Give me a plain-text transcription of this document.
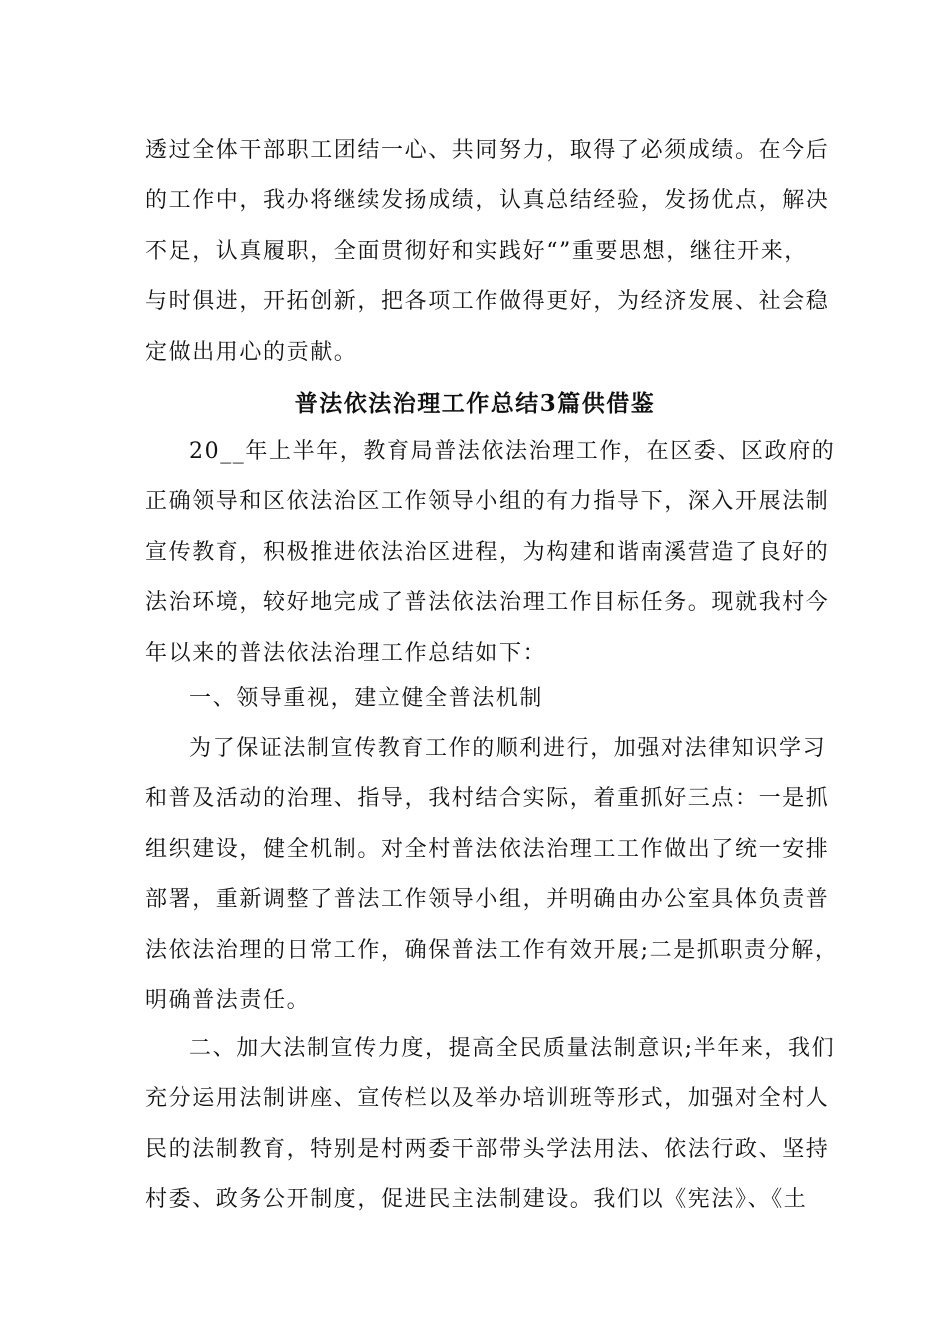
透过全体干部职工团结一心、共同努力，取得了必须成绩。在今后
的工作中，我办将继续发扬成绩，认真总结经验，发扬优点，解决
不足，认真履职，全面贯彻好和实践好“”重要思想，继往开来，
与时俱进，开拓创新，把各项工作做得更好，为经济发展、社会稳
定做出用心的贡献。
普法依法治理工作总结3篇供借鉴
20__年上半年，教育局普法依法治理工作，在区委、区政府的
正确领导和区依法治区工作领导小组的有力指导下，深入开展法制
宣传教育，积极推进依法治区进程，为构建和谐南溪营造了良好的
法治环境，较好地完成了普法依法治理工作目标任务。现就我村今
年以来的普法依法治理工作总结如下：
一、领导重视，建立健全普法机制
为了保证法制宣传教育工作的顺利进行，加强对法律知识学习
和普及活动的治理、指导，我村结合实际，着重抓好三点：一是抓
组织建设，健全机制。对全村普法依法治理工工作做出了统一安排
部署，重新调整了普法工作领导小组，并明确由办公室具体负责普
法依法治理的日常工作，确保普法工作有效开展;二是抓职责分解，
明确普法责任。
二、加大法制宣传力度，提高全民质量法制意识;半年来，我们
充分运用法制讲座、宣传栏以及举办培训班等形式，加强对全村人
民的法制教育，特别是村两委干部带头学法用法、依法行政、坚持
村委、政务公开制度，促进民主法制建设。我们以《宪法》、《土
